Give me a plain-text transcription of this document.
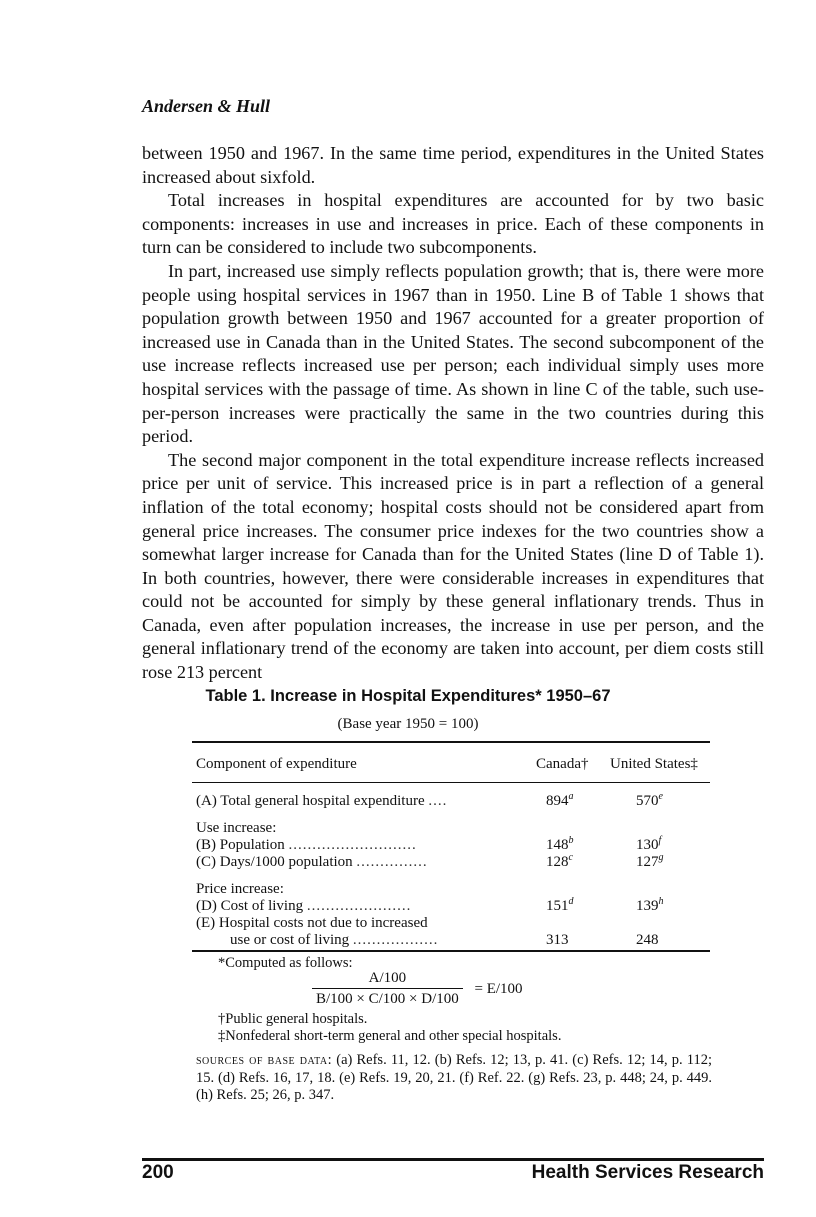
Andersen & Hull

between 1950 and 1967. In the same time period, expenditures in the United States increased about sixfold.

Total increases in hospital expenditures are accounted for by two basic components: increases in use and increases in price. Each of these components in turn can be considered to include two subcomponents.

In part, increased use simply reflects population growth; that is, there were more people using hospital services in 1967 than in 1950. Line B of Table 1 shows that population growth between 1950 and 1967 accounted for a greater proportion of increased use in Canada than in the United States. The second subcomponent of the use increase reflects increased use per person; each individual simply uses more hospital services with the passage of time. As shown in line C of the table, such use-per-person increases were practically the same in the two countries during this period.

The second major component in the total expenditure increase reflects increased price per unit of service. This increased price is in part a reflection of a general inflation of the total economy; hospital costs should not be considered apart from general price increases. The consumer price indexes for the two countries show a somewhat larger increase for Canada than for the United States (line D of Table 1). In both countries, however, there were considerable increases in expenditures that could not be accounted for simply by these general inflationary trends. Thus in Canada, even after population increases, the increase in use per person, and the general inflationary trend of the economy are taken into account, per diem costs still rose 213 percent

Table 1. Increase in Hospital Expenditures* 1950–67
(Base year 1950 = 100)
Component of expenditure	Canada† United States‡
(A) Total general hospital expenditure ....	894$^a$	570e
Use increase:
(B) Population ...........................	148$^b$	130$^f$
(C) Days/1000 population ...............	128$^c$	127$^g$
Price increase:
(D) Cost of living ......................	151$^d$	139$^h$
(E) Hospital costs not due to increased
use or cost of living ..................	313	248
*Computed as follows:
$\frac{A/100}{B/100 \times C/100 \times D/100} = E/100$
†Public general hospitals.
‡Nonfederal short-term general and other special hospitals.
sources of base data: (a) Refs. 11, 12. (b) Refs. 12; 13, p. 41. (c) Refs. 12; 14, p. 112; 15. (d) Refs. 16, 17, 18. (e) Refs. 19, 20, 21. (f) Ref. 22. (g) Refs. 23, p. 448; 24, p. 449. (h) Refs. 25; 26, p. 347.
200	Health Services Research
